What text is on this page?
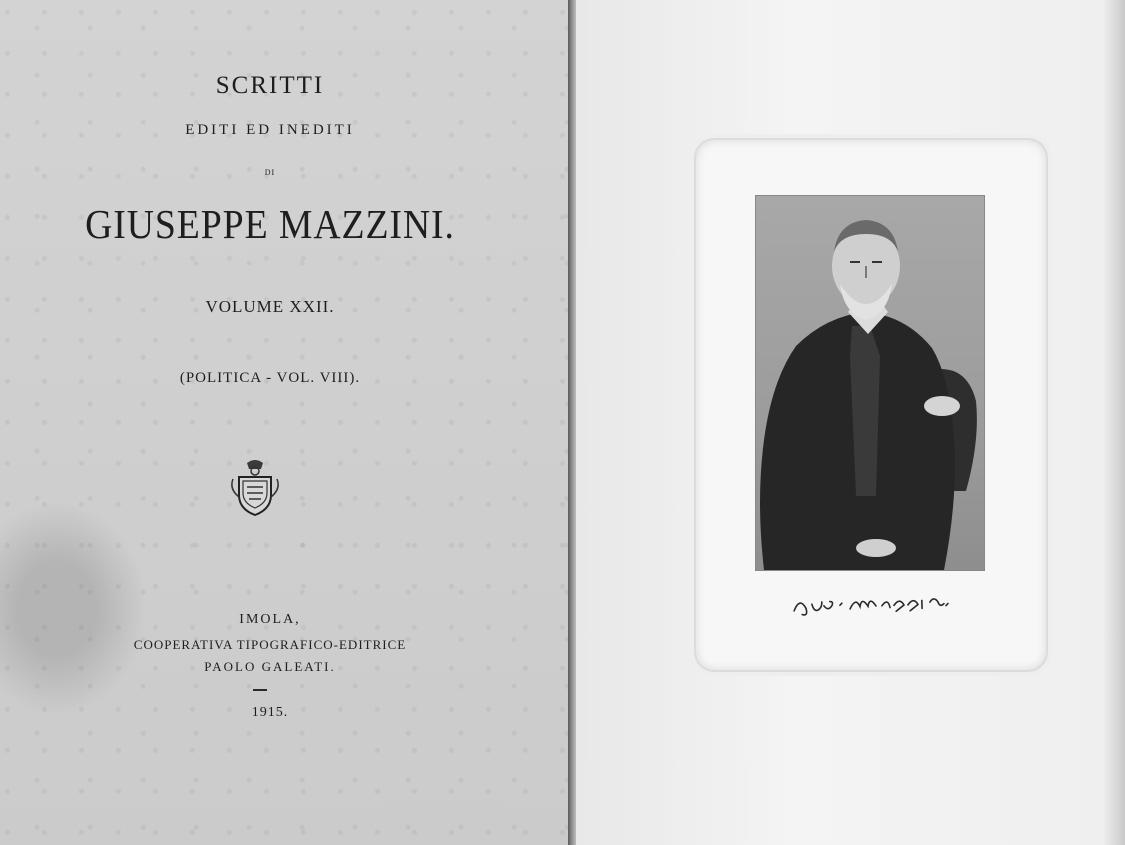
SCRITTI
EDITI ED INEDITI
DI
GIUSEPPE MAZZINI.
VOLUME XXII.
(POLITICA - VOL. VIII).
IMOLA,
COOPERATIVA TIPOGRAFICO-EDITRICE
PAOLO GALEATI.
1915.
